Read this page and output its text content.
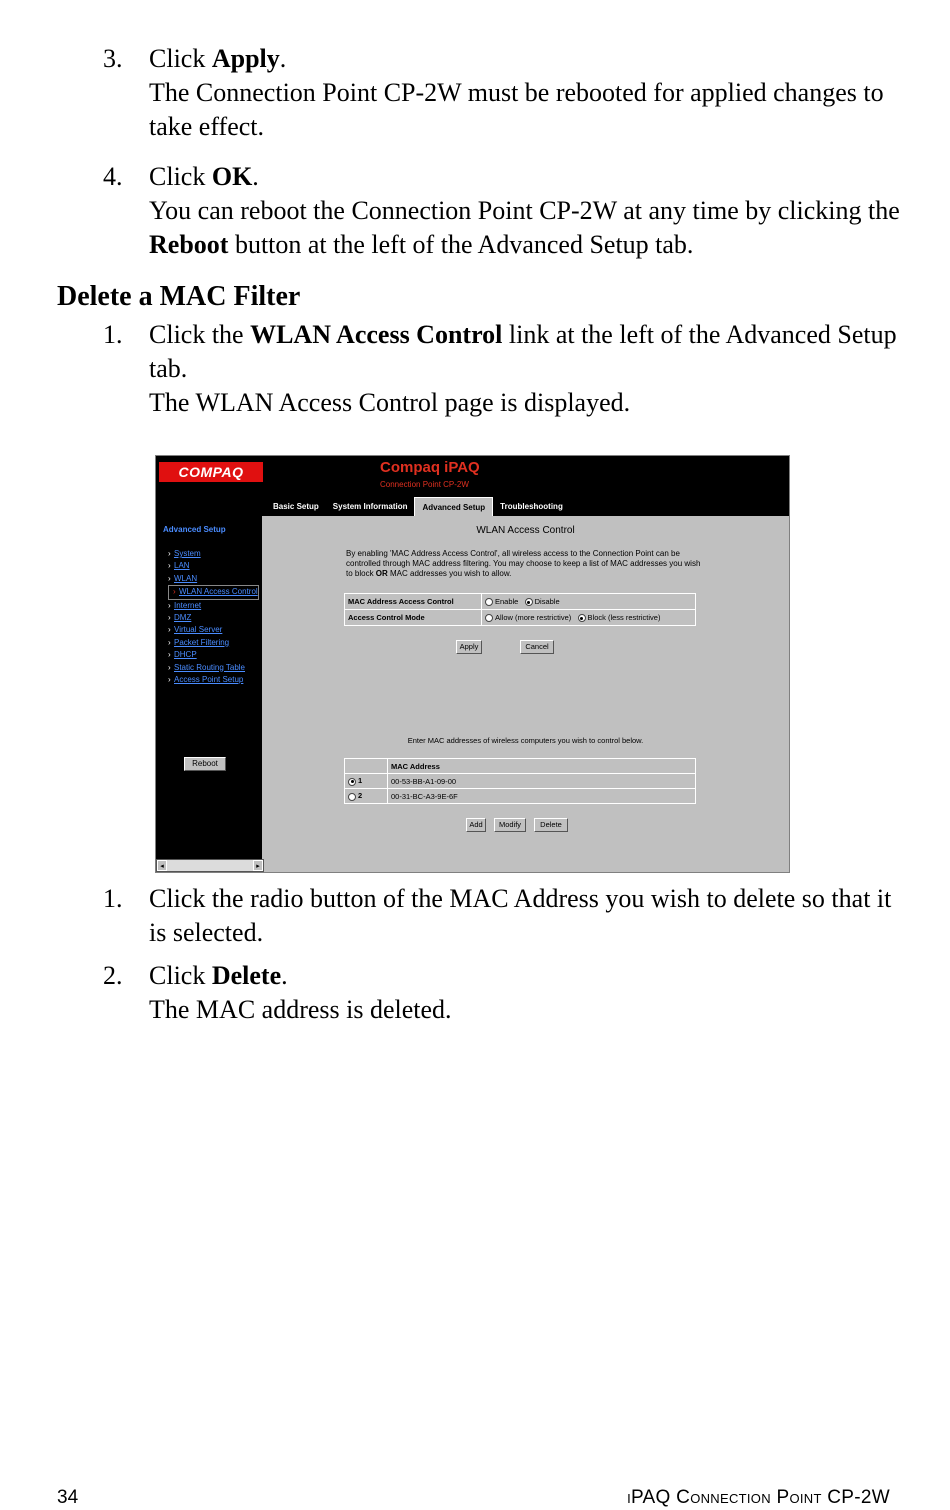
3. Click Apply.
The Connection Point CP-2W must be rebooted for applied changes to take effect.
4. Click OK.
You can reboot the Connection Point CP-2W at any time by clicking the Reboot button at the left of the Advanced Setup tab.
Delete a MAC Filter
1. Click the WLAN Access Control link at the left of the Advanced Setup tab.
The WLAN Access Control page is displayed.
COMPAQ	Compaq iPAQ
Connection Point CP-2W
Basic Setup	System Information	Advanced Setup	Troubleshooting
Advanced Setup
› System
› LAN
› WLAN
› WLAN Access Control
› Internet
› DMZ
› Virtual Server
› Packet Filtering
› DHCP
› Static Routing Table
› Access Point Setup
Reboot
WLAN Access Control
By enabling 'MAC Address Access Control', all wireless access to the Connection Point can be controlled through MAC address filtering. You may choose to keep a list of MAC addresses you wish to block OR MAC addresses you wish to allow.
MAC Address Access Control	Enable Disable
Access Control Mode	Allow (more restrictive) Block (less restrictive)
Apply	Cancel
Enter MAC addresses of wireless computers you wish to control below.
	MAC Address
1	00-53-BB-A1-09-00
2	00-31-BC-A3-9E-6F
Add	Modify	Delete
◂	▸
1. Click the radio button of the MAC Address you wish to delete so that it is selected.
2. Click Delete.
The MAC address is deleted.
34	iPAQ Connection Point CP-2W
